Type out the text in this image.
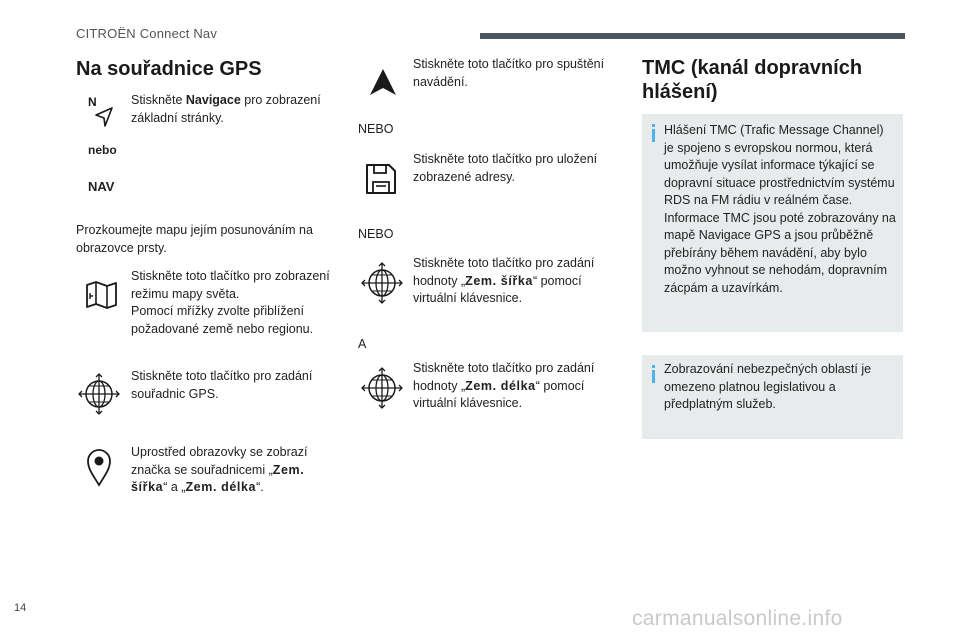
CITROËN Connect Nav
Na souřadnice GPS
N
nebo
NAV
Stiskněte Navigace pro zobrazení základní stránky.
Prozkoumejte mapu jejím posunováním na obrazovce prsty.
Stiskněte toto tlačítko pro zobrazení režimu mapy světa.
Pomocí mřížky zvolte přiblížení požadované země nebo regionu.
Stiskněte toto tlačítko pro zadání souřadnic GPS.
Uprostřed obrazovky se zobrazí značka se souřadnicemi „Zem. šířka“ a „Zem. délka“.
Stiskněte toto tlačítko pro spuštění navádění.
NEBO
Stiskněte toto tlačítko pro uložení zobrazené adresy.
NEBO
Stiskněte toto tlačítko pro zadání hodnoty „Zem. šířka“ pomocí virtuální klávesnice.
A
Stiskněte toto tlačítko pro zadání hodnoty „Zem. délka“ pomocí virtuální klávesnice.
TMC (kanál dopravních hlášení)
Hlášení TMC (Trafic Message Channel) je spojeno s evropskou normou, která umožňuje vysílat informace týkající se dopravní situace prostřednictvím systému RDS na FM rádiu v reálném čase. Informace TMC jsou poté zobrazovány na mapě Navigace GPS a jsou průběžně přebírány během navádění, aby bylo možno vyhnout se nehodám, dopravním zácpám a uzavírkám.
Zobrazování nebezpečných oblastí je omezeno platnou legislativou a předplatným služeb.
14	carmanualsonline.info
